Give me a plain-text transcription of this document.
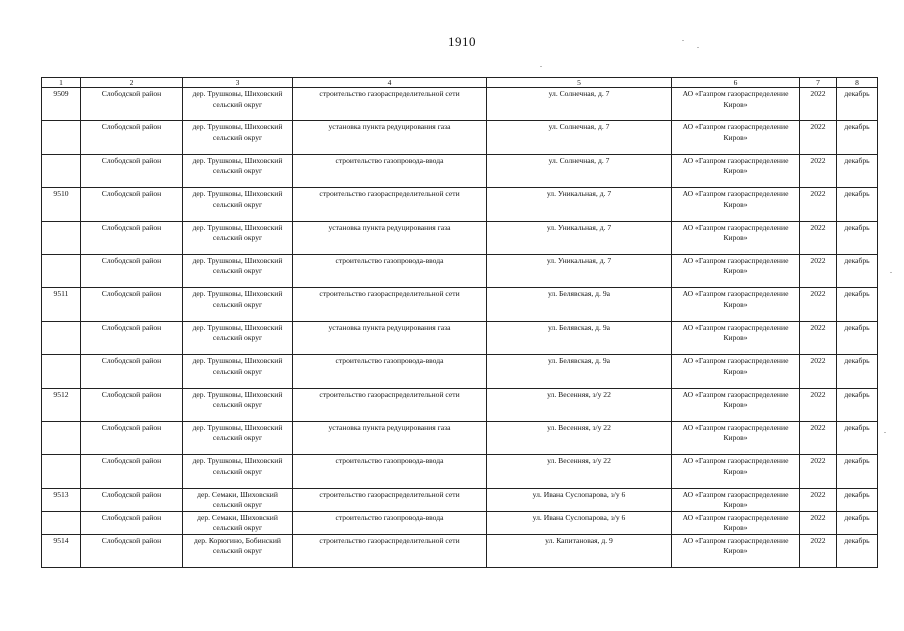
1910
1	2	3	4	5	6	7	8
9509	Слободской район	дер. Трушковы, Шиховский сельский округ	строительство газораспределительной сети	ул. Солнечная, д. 7	АО «Газпром газораспределение Киров»	2022	декабрь
	Слободской район	дер. Трушковы, Шиховский сельский округ	установка пункта редуцирования газа	ул. Солнечная, д. 7	АО «Газпром газораспределение Киров»	2022	декабрь
	Слободской район	дер. Трушковы, Шиховский сельский округ	строительство газопровода-ввода	ул. Солнечная, д. 7	АО «Газпром газораспределение Киров»	2022	декабрь
9510	Слободской район	дер. Трушковы, Шиховский сельский округ	строительство газораспределительной сети	ул. Уникальная, д. 7	АО «Газпром газораспределение Киров»	2022	декабрь
	Слободской район	дер. Трушковы, Шиховский сельский округ	установка пункта редуцирования газа	ул. Уникальная, д. 7	АО «Газпром газораспределение Киров»	2022	декабрь
	Слободской район	дер. Трушковы, Шиховский сельский округ	строительство газопровода-ввода	ул. Уникальная, д. 7	АО «Газпром газораспределение Киров»	2022	декабрь
9511	Слободской район	дер. Трушковы, Шиховский сельский округ	строительство газораспределительной сети	ул. Белявская, д. 9а	АО «Газпром газораспределение Киров»	2022	декабрь
	Слободской район	дер. Трушковы, Шиховский сельский округ	установка пункта редуцирования газа	ул. Белявская, д. 9а	АО «Газпром газораспределение Киров»	2022	декабрь
	Слободской район	дер. Трушковы, Шиховский сельский округ	строительство газопровода-ввода	ул. Белявская, д. 9а	АО «Газпром газораспределение Киров»	2022	декабрь
9512	Слободской район	дер. Трушковы, Шиховский сельский округ	строительство газораспределительной сети	ул. Весенняя, з/у 22	АО «Газпром газораспределение Киров»	2022	декабрь
	Слободской район	дер. Трушковы, Шиховский сельский округ	установка пункта редуцирования газа	ул. Весенняя, з/у 22	АО «Газпром газораспределение Киров»	2022	декабрь
	Слободской район	дер. Трушковы, Шиховский сельский округ	строительство газопровода-ввода	ул. Весенняя, з/у 22	АО «Газпром газораспределение Киров»	2022	декабрь
9513	Слободской район	дер. Семаки, Шиховский сельский округ	строительство газораспределительной сети	ул. Ивана Суслопарова, з/у 6	АО «Газпром газораспределение Киров»	2022	декабрь
	Слободской район	дер. Семаки, Шиховский сельский округ	строительство газопровода-ввода	ул. Ивана Суслопарова, з/у 6	АО «Газпром газораспределение Киров»	2022	декабрь
9514	Слободской район	дер. Корюгино, Бобинский сельский округ	строительство газораспределительной сети	ул. Капитановая, д. 9	АО «Газпром газораспределение Киров»	2022	декабрь
